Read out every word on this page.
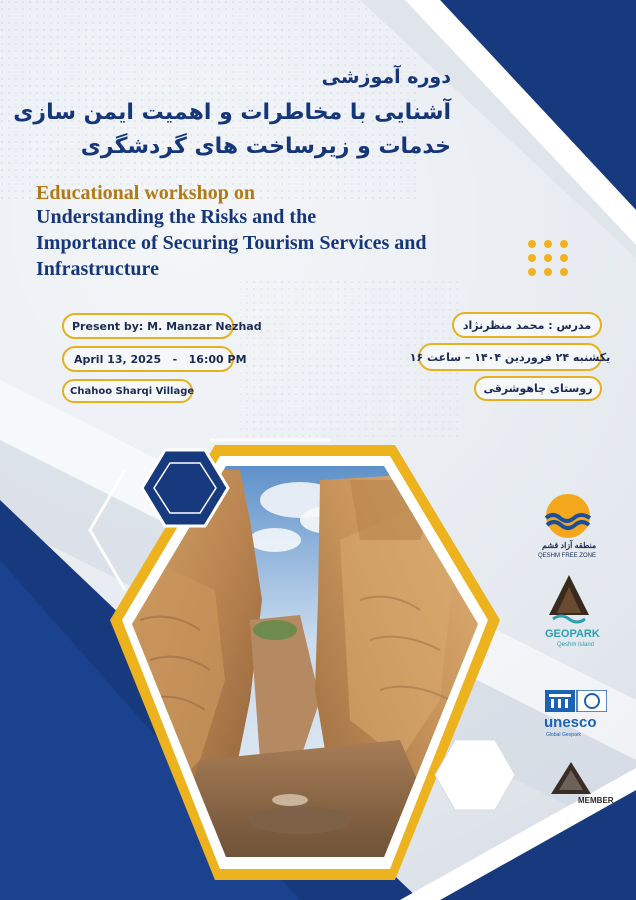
دوره آموزشی
آشنایی با مخاطرات و اهمیت ایمن سازی
خدمات و زیرساخت های گردشگری
Educational workshop on
Understanding the Risks and the
Importance of Securing Tourism Services and
Infrastructure
Present by: M. Manzar Nezhad
April 13, 2025   -   16:00 PM
Chahoo Sharqi Village
مدرس : محمد منظرنژاد
یکشنبه ۲۴ فروردین ۱۴۰۴ – ساعت ۱۶
روستای چاهوشرقی
منطقه آزاد قشم
QESHM FREE ZONE
GEOPARK
Qeshm Island
unesco
Global Geopark
MEMBER
